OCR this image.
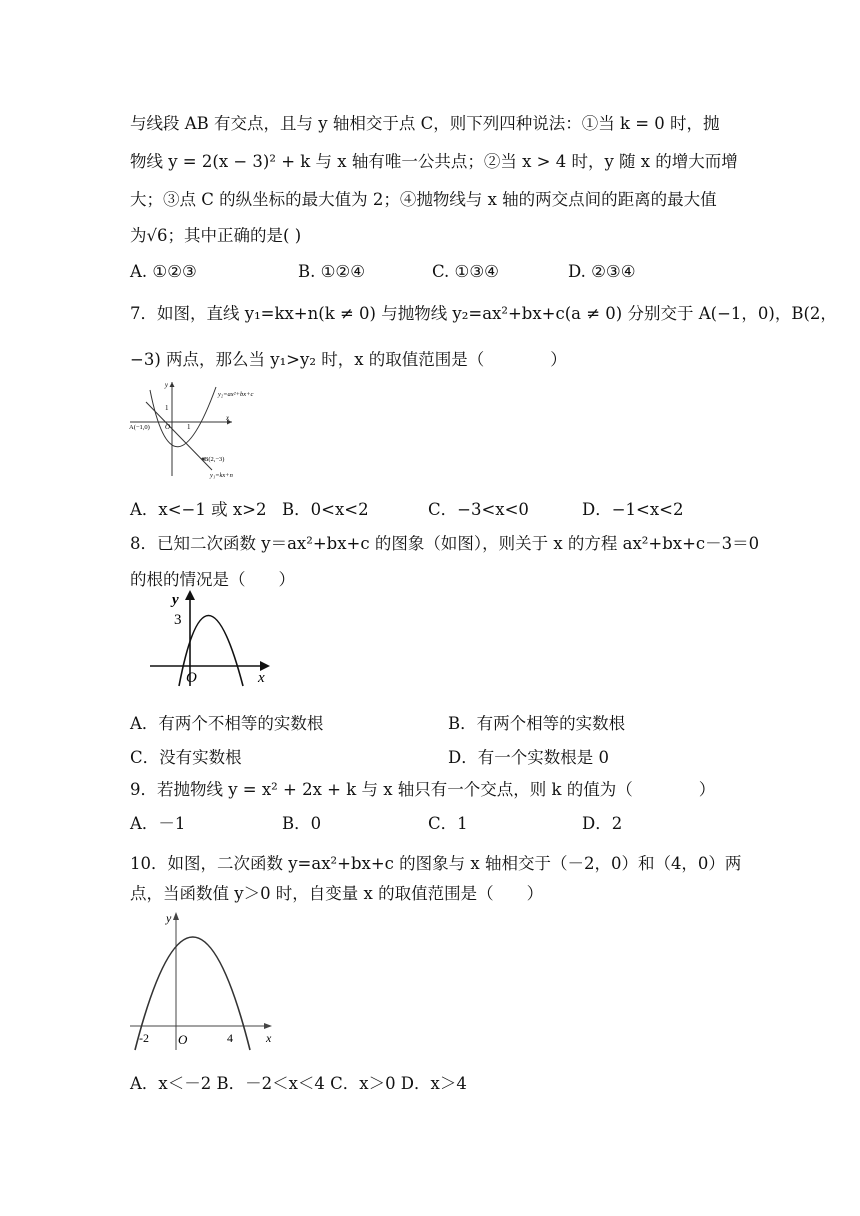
与线段 AB 有交点，且与 y 轴相交于点 C，则下列四种说法：①当 k = 0 时，抛
物线 y = 2(x − 3)² + k 与 x 轴有唯一公共点；②当 x > 4 时，y 随 x 的增大而增
大；③点 C 的纵坐标的最大值为 2；④抛物线与 x 轴的两交点间的距离的最大值
为√6；其中正确的是( )
A. ①②③	B. ①②④	C. ①③④	D. ②③④
7．如图，直线 y₁=kx+n(k ≠ 0) 与抛物线 y₂=ax²+bx+c(a ≠ 0) 分别交于 A(−1，0)，B(2，
−3) 两点，那么当 y₁>y₂ 时，x 的取值范围是（　　　　）
y
x
O 1
1
A(−1,0)
B(2,−3)
y₂=ax²+bx+c
y₁=kx+n
A．x<−1 或 x>2 B．0<x<2	C．−3<x<0	D．−1<x<2
8．已知二次函数 y＝ax²+bx+c 的图象（如图），则关于 x 的方程 ax²+bx+c－3＝0
的根的情况是（　　）
y
3
O	x
A．有两个不相等的实数根	B．有两个相等的实数根
C．没有实数根	D．有一个实数根是 0
9．若抛物线 y = x² + 2x + k 与 x 轴只有一个交点，则 k 的值为（　　　　）
A．－1	B．0	C．1	D．2
10．如图，二次函数 y=ax²+bx+c 的图象与 x 轴相交于（－2，0）和（4，0）两
点，当函数值 y＞0 时，自变量 x 的取值范围是（　　）
y
-2 O	4	x
A．x＜－2 B．－2＜x＜4 C．x＞0 D．x＞4
